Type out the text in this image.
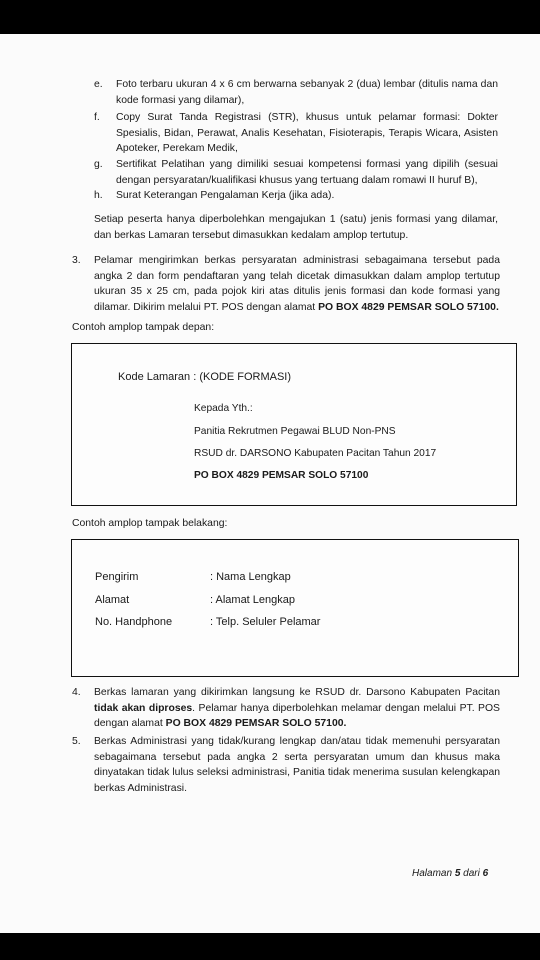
e.	Foto terbaru ukuran 4 x 6 cm berwarna sebanyak 2 (dua) lembar (ditulis nama dan kode formasi yang dilamar),
f.	Copy Surat Tanda Registrasi (STR), khusus untuk pelamar formasi: Dokter Spesialis, Bidan, Perawat, Analis Kesehatan, Fisioterapis, Terapis Wicara, Asisten Apoteker, Perekam Medik,
g.	Sertifikat Pelatihan yang dimiliki sesuai kompetensi formasi yang dipilih (sesuai dengan persyaratan/kualifikasi khusus yang tertuang dalam romawi II huruf B),
h.	Surat Keterangan Pengalaman Kerja (jika ada).
Setiap peserta hanya diperbolehkan mengajukan 1 (satu) jenis formasi yang dilamar, dan berkas Lamaran tersebut dimasukkan kedalam amplop tertutup.
3.	Pelamar mengirimkan berkas persyaratan administrasi sebagaimana tersebut pada angka 2 dan form pendaftaran yang telah dicetak dimasukkan dalam amplop tertutup ukuran 35 x 25 cm, pada pojok kiri atas ditulis jenis formasi dan kode formasi yang dilamar. Dikirim melalui PT. POS dengan alamat PO BOX 4829 PEMSAR SOLO 57100.
Contoh amplop tampak depan:
Kode Lamaran : (KODE FORMASI)
Kepada Yth.:
Panitia Rekrutmen Pegawai BLUD Non-PNS
RSUD dr. DARSONO Kabupaten Pacitan Tahun 2017
PO BOX 4829 PEMSAR SOLO 57100
Contoh amplop tampak belakang:
Pengirim	: Nama Lengkap
Alamat	: Alamat Lengkap
No. Handphone	: Telp. Seluler Pelamar
4.	Berkas lamaran yang dikirimkan langsung ke RSUD dr. Darsono Kabupaten Pacitan tidak akan diproses. Pelamar hanya diperbolehkan melamar dengan melalui PT. POS dengan alamat PO BOX 4829 PEMSAR SOLO 57100.
5.	Berkas Administrasi yang tidak/kurang lengkap dan/atau tidak memenuhi persyaratan sebagaimana tersebut pada angka 2 serta persyaratan umum dan khusus maka dinyatakan tidak lulus seleksi administrasi, Panitia tidak menerima susulan kelengkapan berkas Administrasi.
Halaman 5 dari 6
